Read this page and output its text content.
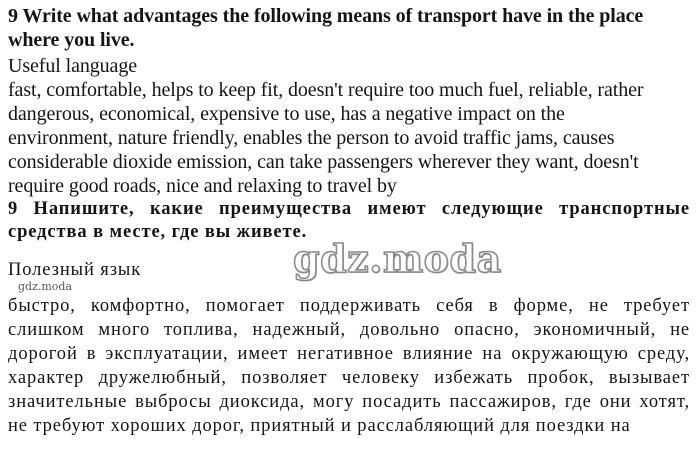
9 Write what advantages the following means of transport have in the place
where you live.
Useful language
fast, comfortable, helps to keep fit, doesn't require too much fuel, reliable, rather
dangerous, economical, expensive to use, has a negative impact on the
environment, nature friendly, enables the person to avoid traffic jams, causes
considerable dioxide emission, can take passengers wherever they want, doesn't
require good roads, nice and relaxing to travel by
9 Напишите, какие преимущества имеют следующие транспортные
средства в месте, где вы живете.
Полезный язык
быстро, комфортно, помогает поддерживать себя в форме, не требует
слишком много топлива, надежный, довольно опасно, экономичный, не
дорогой в эксплуатации, имеет негативное влияние на окружающую среду,
характер дружелюбный, позволяет человеку избежать пробок, вызывает
значительные выбросы диоксида, могу посадить пассажиров, где они хотят,
не требуют хороших дорог, приятный и расслабляющий для поездки на
gdz.moda
gdz.moda
